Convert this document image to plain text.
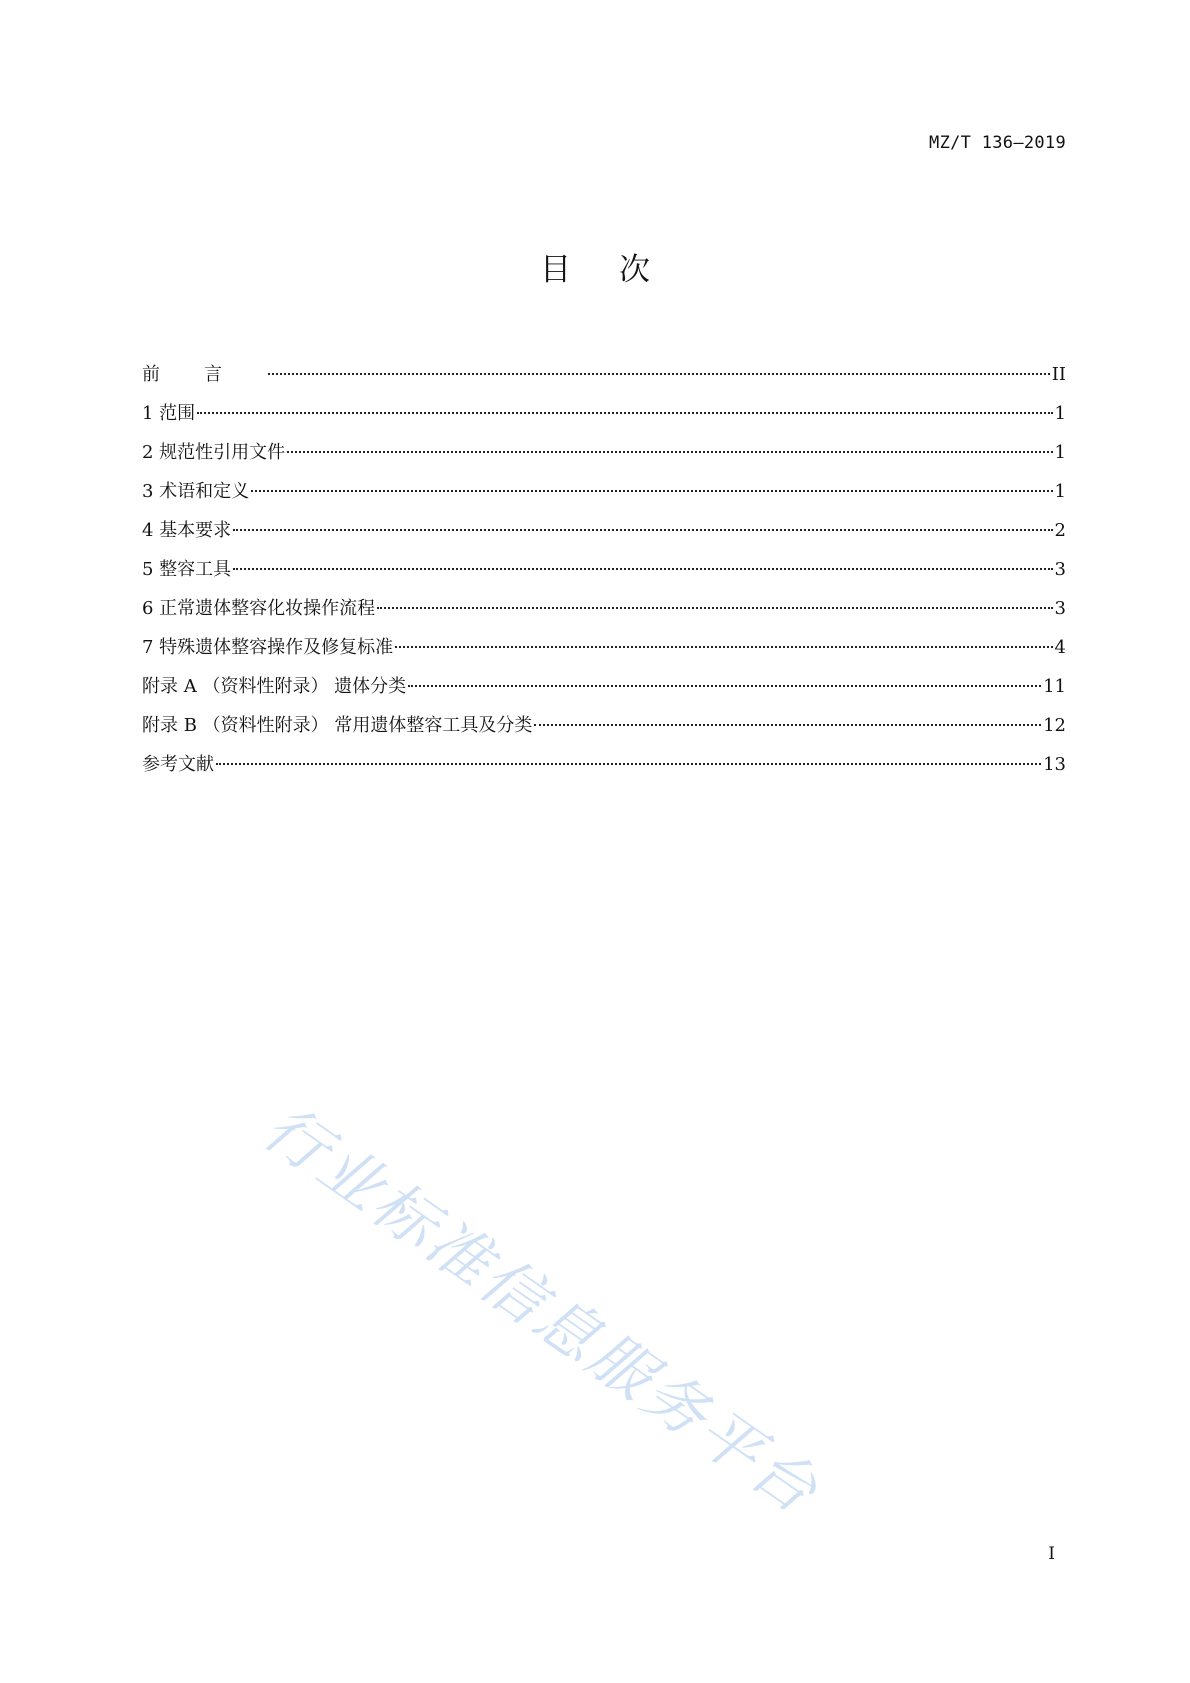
MZ/T 136—2019
目次
前言	II
1 范围	1
2 规范性引用文件	1
3 术语和定义	1
4 基本要求	2
5 整容工具	3
6 正常遗体整容化妆操作流程	3
7 特殊遗体整容操作及修复标准	4
附录 A （资料性附录） 遗体分类	11
附录 B （资料性附录） 常用遗体整容工具及分类	12
参考文献	13
行业标准信息服务平台
I
